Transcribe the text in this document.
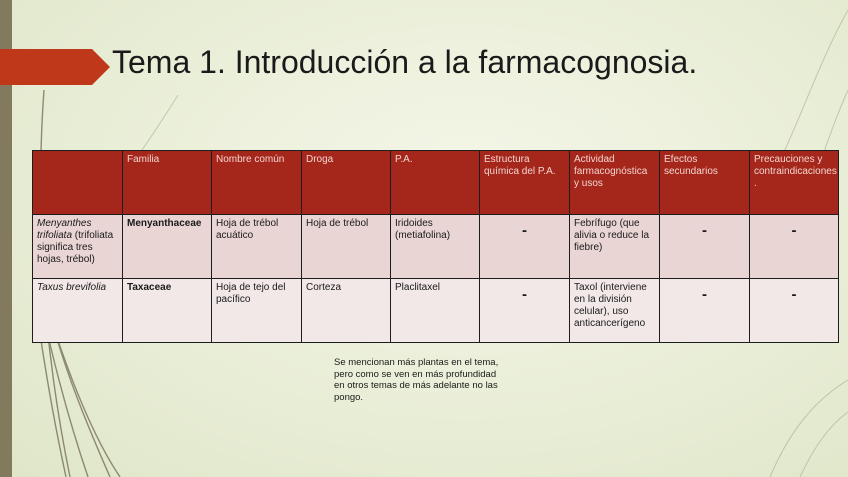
Tema 1. Introducción a la farmacognosia.
	Familia	Nombre común	Droga	P.A.	Estructura química del P.A.	Actividad farmacognóstica y usos	Efectos secundarios	Precauciones y contraindicaciones .
Menyanthes trifoliata (trifoliata significa tres hojas, trébol)	Menyanthaceae	Hoja de trébol acuático	Hoja de trébol	Iridoides (metiafolina)	-	Febrífugo (que alivia o reduce la fiebre)	-	-
Taxus brevifolia	Taxaceae	Hoja de tejo del pacífico	Corteza	Placlitaxel	-	Taxol (interviene en la división celular), uso anticancerígeno	-	-
Se mencionan más plantas en el tema, pero como se ven en más profundidad en otros temas de más adelante no las pongo.
